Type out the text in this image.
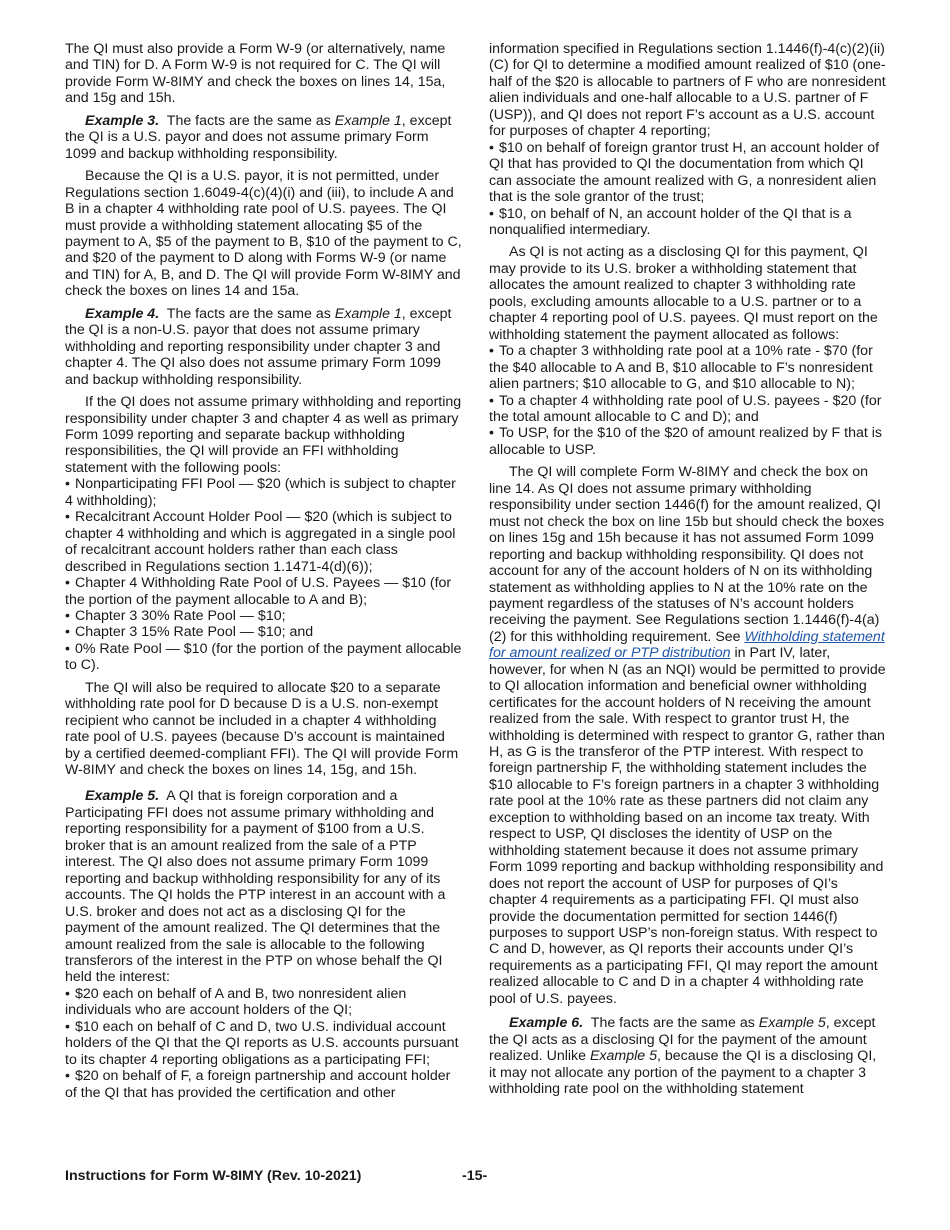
The QI must also provide a Form W-9 (or alternatively, name and TIN) for D. A Form W-9 is not required for C. The QI will provide Form W-8IMY and check the boxes on lines 14, 15a, and 15g and 15h.

Example 3. The facts are the same as Example 1, except the QI is a U.S. payor and does not assume primary Form 1099 and backup withholding responsibility.

Because the QI is a U.S. payor, it is not permitted, under Regulations section 1.6049-4(c)(4)(i) and (iii), to include A and B in a chapter 4 withholding rate pool of U.S. payees. The QI must provide a withholding statement allocating $5 of the payment to A, $5 of the payment to B, $10 of the payment to C, and $20 of the payment to D along with Forms W-9 (or name and TIN) for A, B, and D. The QI will provide Form W-8IMY and check the boxes on lines 14 and 15a.

Example 4. The facts are the same as Example 1, except the QI is a non-U.S. payor that does not assume primary withholding and reporting responsibility under chapter 3 and chapter 4. The QI also does not assume primary Form 1099 and backup withholding responsibility.

If the QI does not assume primary withholding and reporting responsibility under chapter 3 and chapter 4 as well as primary Form 1099 reporting and separate backup withholding responsibilities, the QI will provide an FFI withholding statement with the following pools:

• Nonparticipating FFI Pool — $20 (which is subject to chapter 4 withholding);
• Recalcitrant Account Holder Pool — $20 (which is subject to chapter 4 withholding and which is aggregated in a single pool of recalcitrant account holders rather than each class described in Regulations section 1.1471-4(d)(6));
• Chapter 4 Withholding Rate Pool of U.S. Payees — $10 (for the portion of the payment allocable to A and B);
• Chapter 3 30% Rate Pool — $10;
• Chapter 3 15% Rate Pool — $10; and
• 0% Rate Pool — $10 (for the portion of the payment allocable to C).

The QI will also be required to allocate $20 to a separate withholding rate pool for D because D is a U.S. non-exempt recipient who cannot be included in a chapter 4 withholding rate pool of U.S. payees (because D’s account is maintained by a certified deemed-compliant FFI). The QI will provide Form W-8IMY and check the boxes on lines 14, 15g, and 15h.

Example 5. A QI that is foreign corporation and a Participating FFI does not assume primary withholding and reporting responsibility for a payment of $100 from a U.S. broker that is an amount realized from the sale of a PTP interest. The QI also does not assume primary Form 1099 reporting and backup withholding responsibility for any of its accounts. The QI holds the PTP interest in an account with a U.S. broker and does not act as a disclosing QI for the payment of the amount realized. The QI determines that the amount realized from the sale is allocable to the following transferors of the interest in the PTP on whose behalf the QI held the interest:

• $20 each on behalf of A and B, two nonresident alien individuals who are account holders of the QI;
• $10 each on behalf of C and D, two U.S. individual account holders of the QI that the QI reports as U.S. accounts pursuant to its chapter 4 reporting obligations as a participating FFI;
• $20 on behalf of F, a foreign partnership and account holder of the QI that has provided the certification and other
information specified in Regulations section 1.1446(f)-4(c)(2)(ii)(C) for QI to determine a modified amount realized of $10 (one-half of the $20 is allocable to partners of F who are nonresident alien individuals and one-half allocable to a U.S. partner of F (USP)), and QI does not report F’s account as a U.S. account for purposes of chapter 4 reporting;
• $10 on behalf of foreign grantor trust H, an account holder of QI that has provided to QI the documentation from which QI can associate the amount realized with G, a nonresident alien that is the sole grantor of the trust;
• $10, on behalf of N, an account holder of the QI that is a nonqualified intermediary.

As QI is not acting as a disclosing QI for this payment, QI may provide to its U.S. broker a withholding statement that allocates the amount realized to chapter 3 withholding rate pools, excluding amounts allocable to a U.S. partner or to a chapter 4 reporting pool of U.S. payees. QI must report on the withholding statement the payment allocated as follows:

• To a chapter 3 withholding rate pool at a 10% rate - $70 (for the $40 allocable to A and B, $10 allocable to F’s nonresident alien partners; $10 allocable to G, and $10 allocable to N);
• To a chapter 4 withholding rate pool of U.S. payees - $20 (for the total amount allocable to C and D); and
• To USP, for the $10 of the $20 of amount realized by F that is allocable to USP.

The QI will complete Form W-8IMY and check the box on line 14. As QI does not assume primary withholding responsibility under section 1446(f) for the amount realized, QI must not check the box on line 15b but should check the boxes on lines 15g and 15h because it has not assumed Form 1099 reporting and backup withholding responsibility. QI does not account for any of the account holders of N on its withholding statement as withholding applies to N at the 10% rate on the payment regardless of the statuses of N’s account holders receiving the payment. See Regulations section 1.1446(f)-4(a)(2) for this withholding requirement. See Withholding statement for amount realized or PTP distribution in Part IV, later, however, for when N (as an NQI) would be permitted to provide to QI allocation information and beneficial owner withholding certificates for the account holders of N receiving the amount realized from the sale. With respect to grantor trust H, the withholding is determined with respect to grantor G, rather than H, as G is the transferor of the PTP interest. With respect to foreign partnership F, the withholding statement includes the $10 allocable to F’s foreign partners in a chapter 3 withholding rate pool at the 10% rate as these partners did not claim any exception to withholding based on an income tax treaty. With respect to USP, QI discloses the identity of USP on the withholding statement because it does not assume primary Form 1099 reporting and backup withholding responsibility and does not report the account of USP for purposes of QI’s chapter 4 requirements as a participating FFI. QI must also provide the documentation permitted for section 1446(f) purposes to support USP’s non-foreign status. With respect to C and D, however, as QI reports their accounts under QI’s requirements as a participating FFI, QI may report the amount realized allocable to C and D in a chapter 4 withholding rate pool of U.S. payees.

Example 6. The facts are the same as Example 5, except the QI acts as a disclosing QI for the payment of the amount realized. Unlike Example 5, because the QI is a disclosing QI, it may not allocate any portion of the payment to a chapter 3 withholding rate pool on the withholding statement

Instructions for Form W-8IMY (Rev. 10-2021)	-15-
